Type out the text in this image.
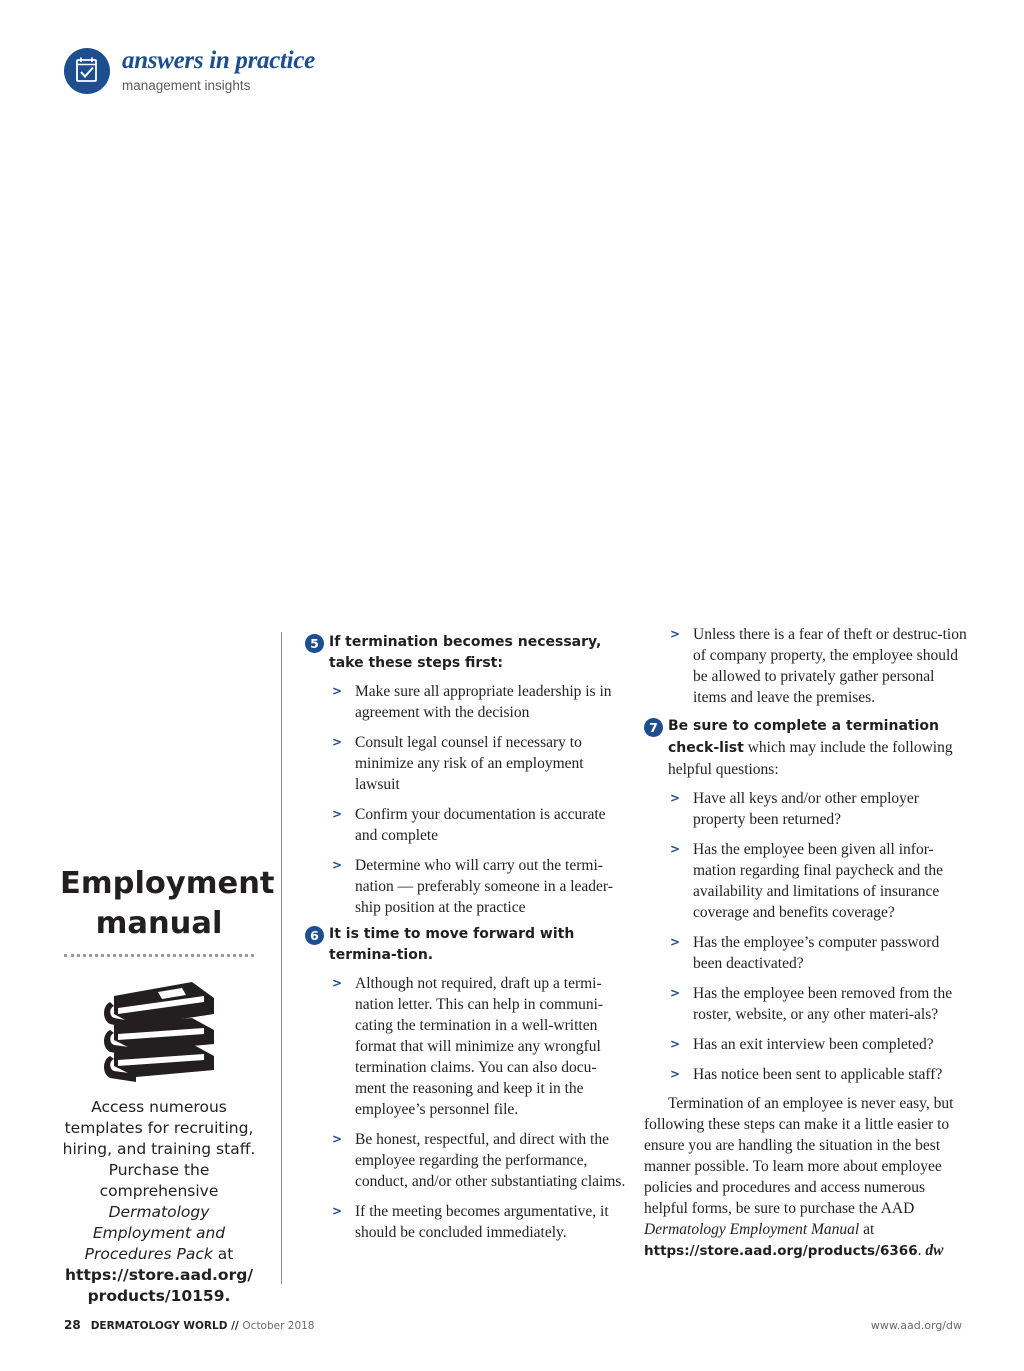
answers in practice
management insights
Employment
manual
Access numerous templates for recruiting, hiring, and training staff. Purchase the comprehensive Dermatology Employment and Procedures Pack at
https://store.aad.org/ products/10159.
5 If termination becomes necessary, take these steps first:
> Make sure all appropriate leadership is in agreement with the decision
> Consult legal counsel if necessary to minimize any risk of an employment lawsuit
> Confirm your documentation is accurate and complete
> Determine who will carry out the termi-nation — preferably someone in a leader-ship position at the practice
6 It is time to move forward with termina-tion.
> Although not required, draft up a termi-nation letter. This can help in communi-cating the termination in a well-written format that will minimize any wrongful termination claims. You can also docu-ment the reasoning and keep it in the employee’s personnel file.
> Be honest, respectful, and direct with the employee regarding the performance, conduct, and/or other substantiating claims.
> If the meeting becomes argumentative, it should be concluded immediately.
> Unless there is a fear of theft or destruc-tion of company property, the employee should be allowed to privately gather personal items and leave the premises.
7 Be sure to complete a termination check-list which may include the following helpful questions:
> Have all keys and/or other employer property been returned?
> Has the employee been given all infor-mation regarding final paycheck and the availability and limitations of insurance coverage and benefits coverage?
> Has the employee’s computer password been deactivated?
> Has the employee been removed from the roster, website, or any other materi-als?
> Has an exit interview been completed?
> Has notice been sent to applicable staff?

Termination of an employee is never easy, but following these steps can make it a little easier to ensure you are handling the situation in the best manner possible. To learn more about employee policies and procedures and access numerous helpful forms, be sure to purchase the AAD Dermatology Employment Manual at https://store.aad.org/products/6366. dw

28 DERMATOLOGY WORLD // October 2018	www.aad.org/dw
